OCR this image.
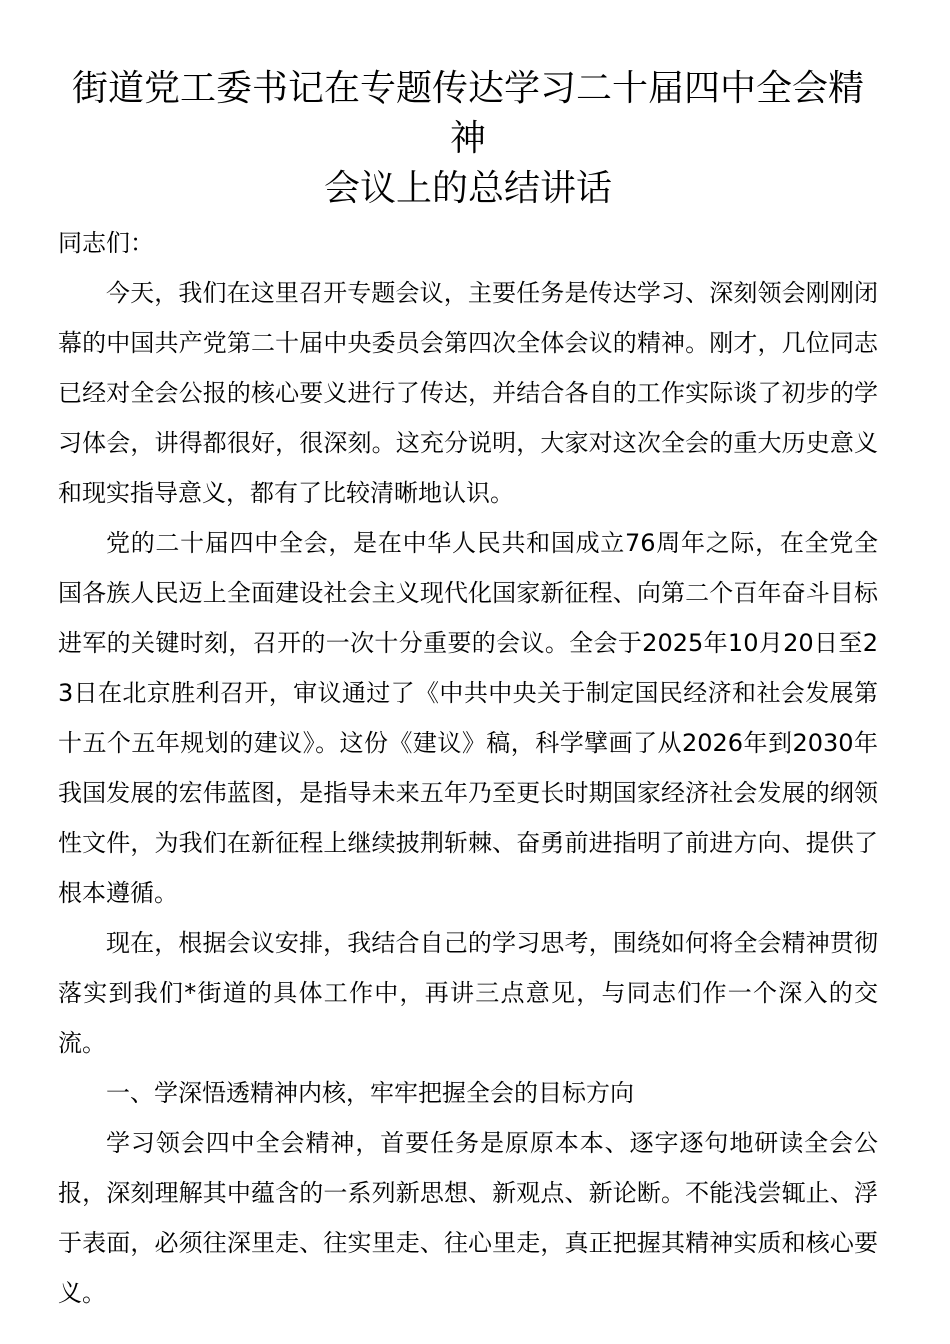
街道党工委书记在专题传达学习二十届四中全会精神
会议上的总结讲话

同志们：

今天，我们在这里召开专题会议，主要任务是传达学习、深刻领会刚刚闭幕的中国共产党第二十届中央委员会第四次全体会议的精神。刚才，几位同志已经对全会公报的核心要义进行了传达，并结合各自的工作实际谈了初步的学习体会，讲得都很好，很深刻。这充分说明，大家对这次全会的重大历史意义和现实指导意义，都有了比较清晰地认识。

党的二十届四中全会，是在中华人民共和国成立76周年之际，在全党全国各族人民迈上全面建设社会主义现代化国家新征程、向第二个百年奋斗目标进军的关键时刻，召开的一次十分重要的会议。全会于2025年10月20日至23日在北京胜利召开，审议通过了《中共中央关于制定国民经济和社会发展第十五个五年规划的建议》。这份《建议》稿，科学擘画了从2026年到2030年我国发展的宏伟蓝图，是指导未来五年乃至更长时期国家经济社会发展的纲领性文件，为我们在新征程上继续披荆斩棘、奋勇前进指明了前进方向、提供了根本遵循。

现在，根据会议安排，我结合自己的学习思考，围绕如何将全会精神贯彻落实到我们*街道的具体工作中，再讲三点意见，与同志们作一个深入的交流。

一、学深悟透精神内核，牢牢把握全会的目标方向

学习领会四中全会精神，首要任务是原原本本、逐字逐句地研读全会公报，深刻理解其中蕴含的一系列新思想、新观点、新论断。不能浅尝辄止、浮于表面，必须往深里走、往实里走、往心里走，真正把握其精神实质和核心要义。
